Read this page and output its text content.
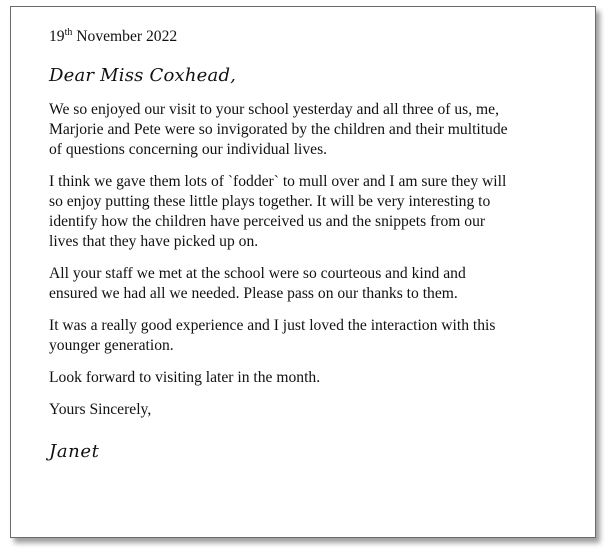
19th November 2022

Dear Miss Coxhead,

We so enjoyed our visit to your school yesterday and all three of us, me,
Marjorie and Pete were so invigorated by the children and their multitude
of questions concerning our individual lives.

I think we gave them lots of `fodder` to mull over and I am sure they will
so enjoy putting these little plays together. It will be very interesting to
identify how the children have perceived us and the snippets from our
lives that they have picked up on.

All your staff we met at the school were so courteous and kind and
ensured we had all we needed. Please pass on our thanks to them.

It was a really good experience and I just loved the interaction with this
younger generation.

Look forward to visiting later in the month.

Yours Sincerely,

Janet
